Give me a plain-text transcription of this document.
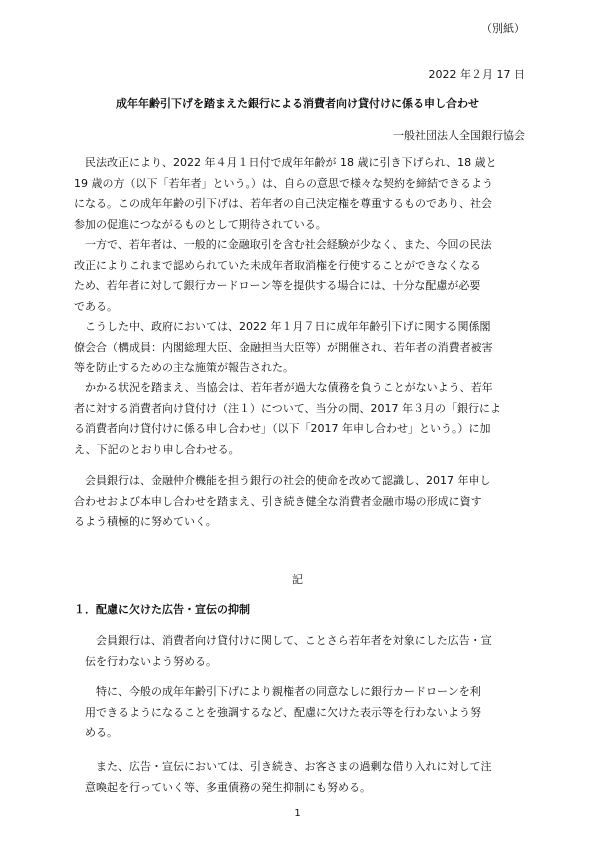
（別紙）
2022 年２月 17 日
成年年齢引下げを踏まえた銀行による消費者向け貸付けに係る申し合わせ
一般社団法人全国銀行協会

民法改正により、2022 年４月１日付で成年年齢が 18 歳に引き下げられ、18 歳と
19 歳の方（以下「若年者」という。）は、自らの意思で様々な契約を締結できるよう
になる。この成年年齢の引下げは、若年者の自己決定権を尊重するものであり、社会
参加の促進につながるものとして期待されている。

一方で、若年者は、一般的に金融取引を含む社会経験が少なく、また、今回の民法
改正によりこれまで認められていた未成年者取消権を行使することができなくなる
ため、若年者に対して銀行カードローン等を提供する場合には、十分な配慮が必要
である。

こうした中、政府においては、2022 年１月７日に成年年齢引下げに関する関係閣
僚会合（構成員：内閣総理大臣、金融担当大臣等）が開催され、若年者の消費者被害
等を防止するための主な施策が報告された。

かかる状況を踏まえ、当協会は、若年者が過大な債務を負うことがないよう、若年
者に対する消費者向け貸付け（注１）について、当分の間、2017 年３月の「銀行によ
る消費者向け貸付けに係る申し合わせ」（以下「2017 年申し合わせ」という。）に加
え、下記のとおり申し合わせる。

会員銀行は、金融仲介機能を担う銀行の社会的使命を改めて認識し、2017 年申し
合わせおよび本申し合わせを踏まえ、引き続き健全な消費者金融市場の形成に資す
るよう積極的に努めていく。

記
１．配慮に欠けた広告・宣伝の抑制

会員銀行は、消費者向け貸付けに関して、ことさら若年者を対象にした広告・宣
伝を行わないよう努める。

特に、今般の成年年齢引下げにより親権者の同意なしに銀行カードローンを利
用できるようになることを強調するなど、配慮に欠けた表示等を行わないよう努
める。

また、広告・宣伝においては、引き続き、お客さまの過剰な借り入れに対して注
意喚起を行っていく等、多重債務の発生抑制にも努める。

1
